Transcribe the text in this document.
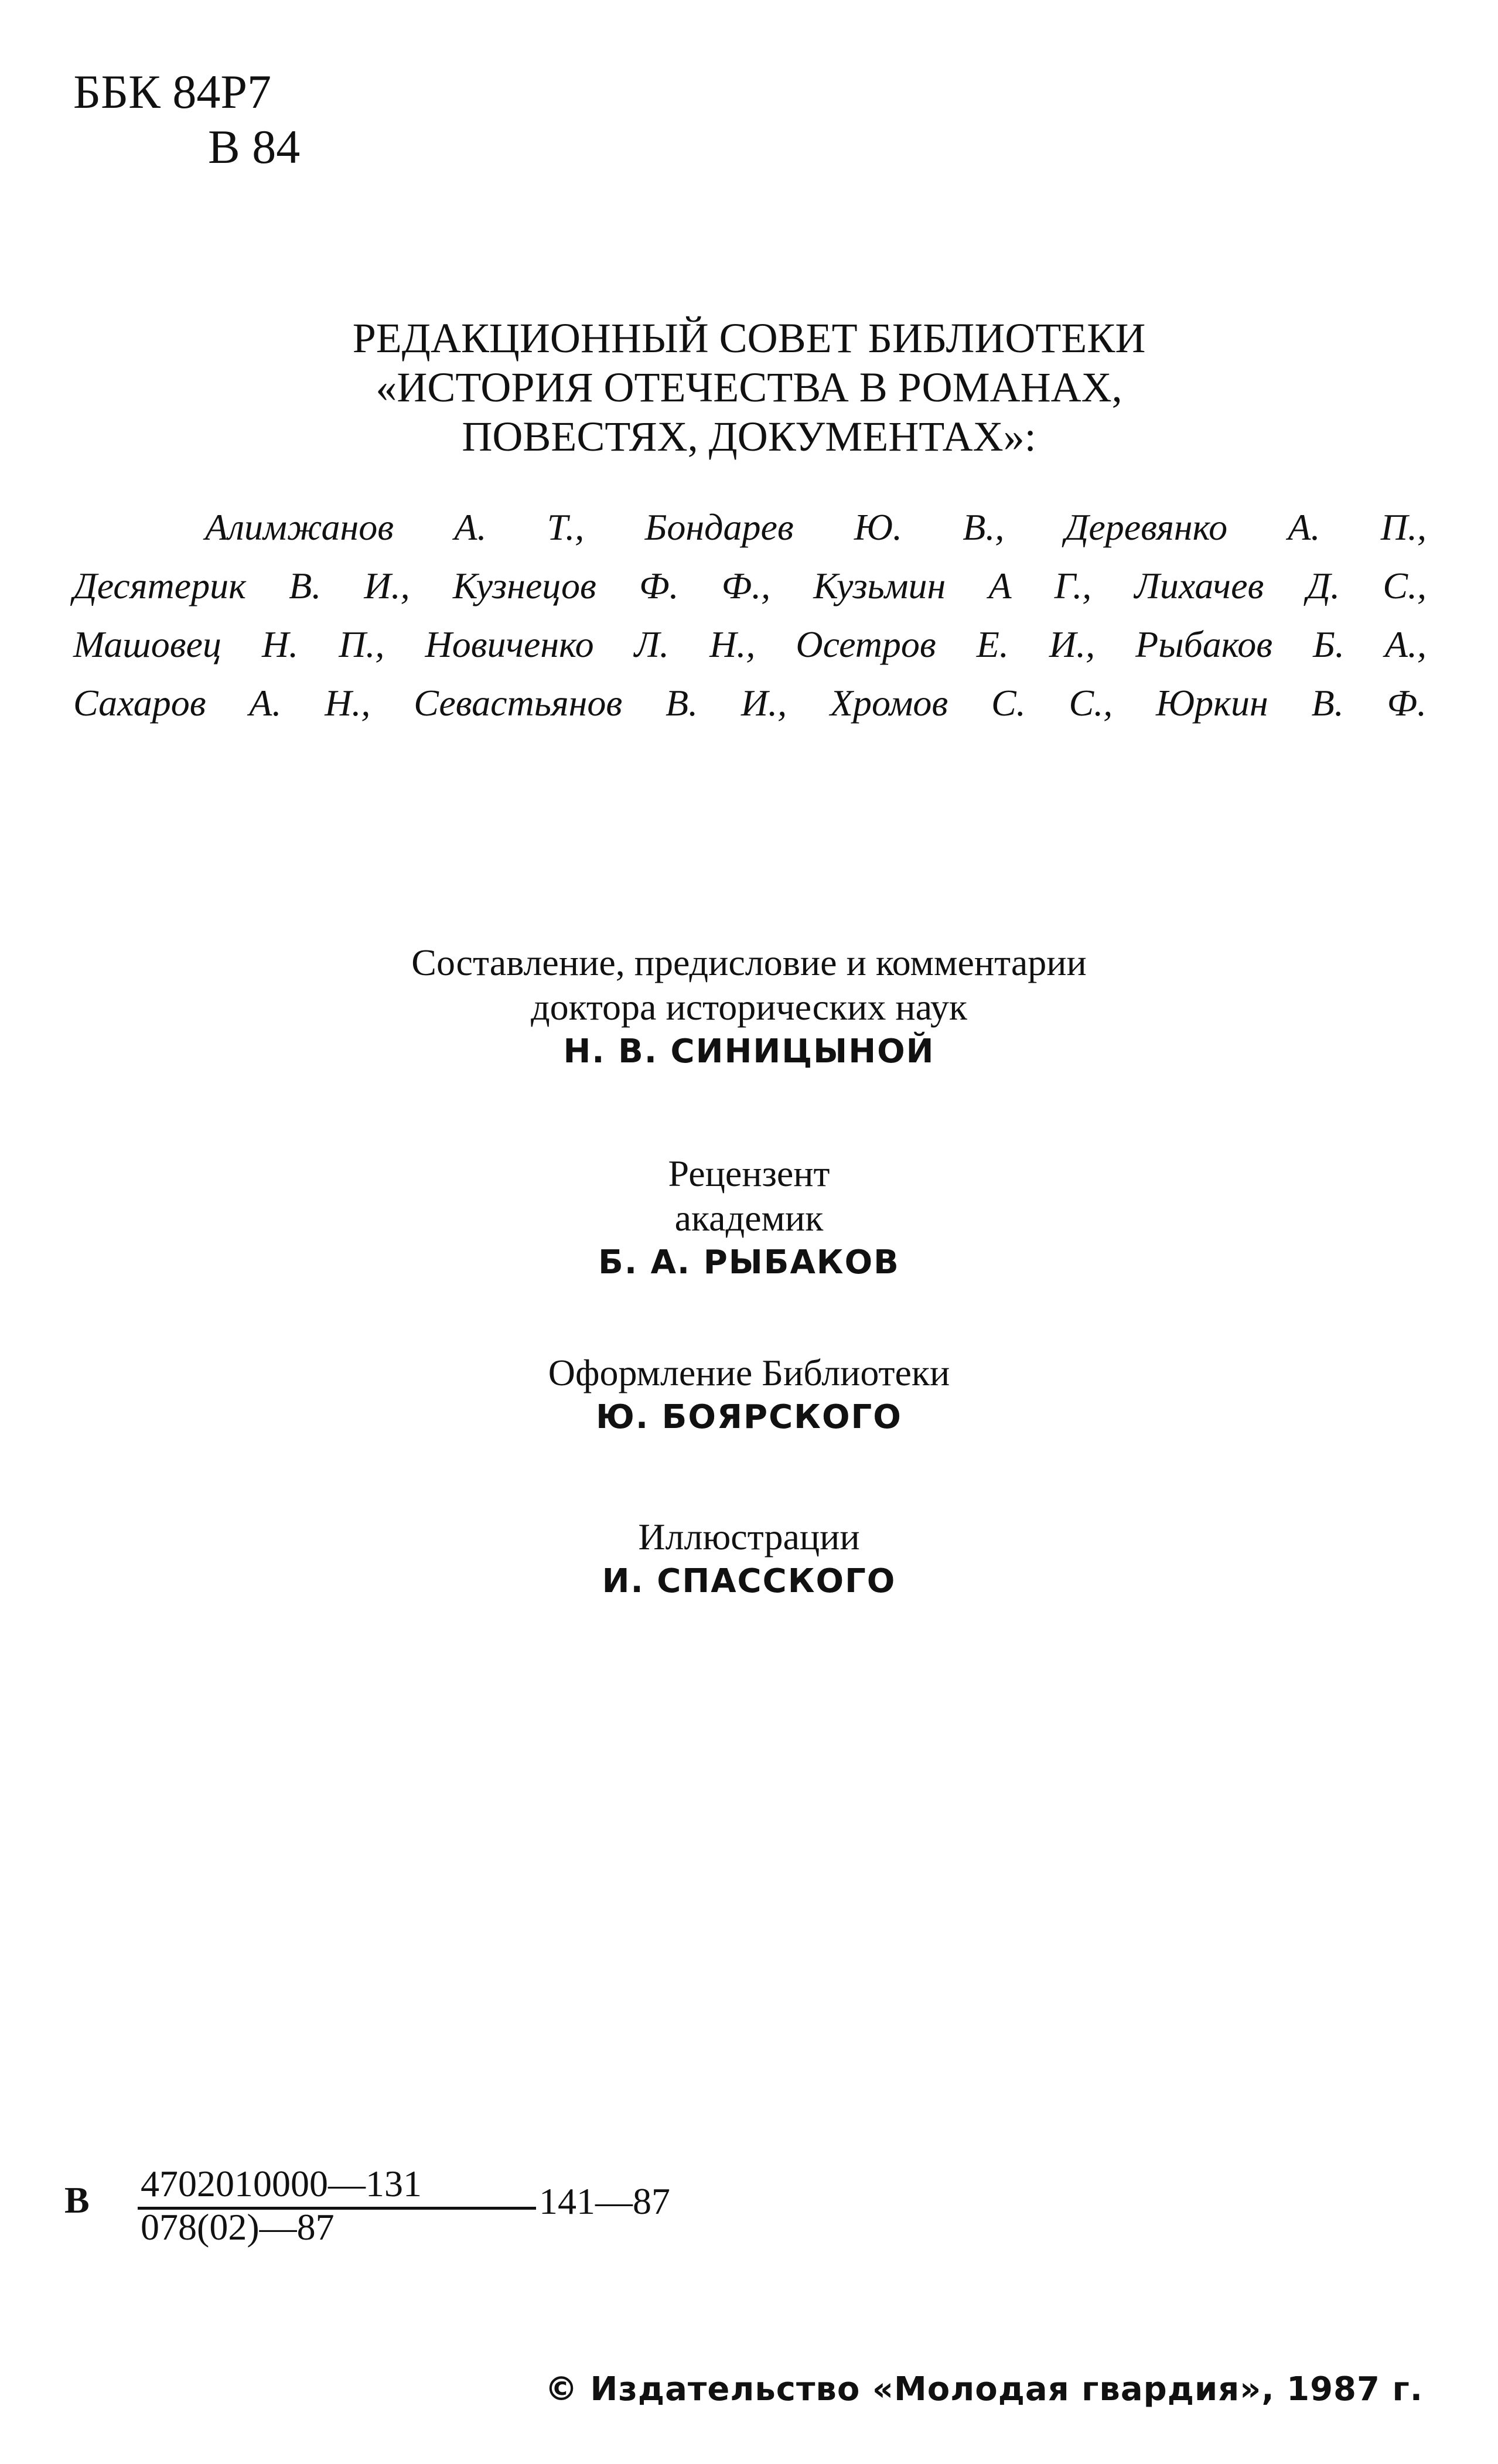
ББК 84Р7
В 84
РЕДАКЦИОННЫЙ СОВЕТ БИБЛИОТЕКИ
«ИСТОРИЯ ОТЕЧЕСТВА В РОМАНАХ,
ПОВЕСТЯХ, ДОКУМЕНТАХ»:
Алимжанов А. Т., Бондарев Ю. В., Деревянко А. П.,
Десятерик В. И., Кузнецов Ф. Ф., Кузьмин А Г., Лихачев Д. С.,
Машовец Н. П., Новиченко Л. Н., Осетров Е. И., Рыбаков Б. А.,
Сахаров А. Н., Севастьянов В. И., Хромов С. С., Юркин В. Ф.
Составление, предисловие и комментарии
доктора исторических наук
Н. В. СИНИЦЫНОЙ
Рецензент
академик
Б. А. РЫБАКОВ
Оформление Библиотеки
Ю. БОЯРСКОГО
Иллюстрации
И. СПАССКОГО
В 4702010000—131
078(02)—87
141—87
© Издательство «Молодая гвардия», 1987 г.
